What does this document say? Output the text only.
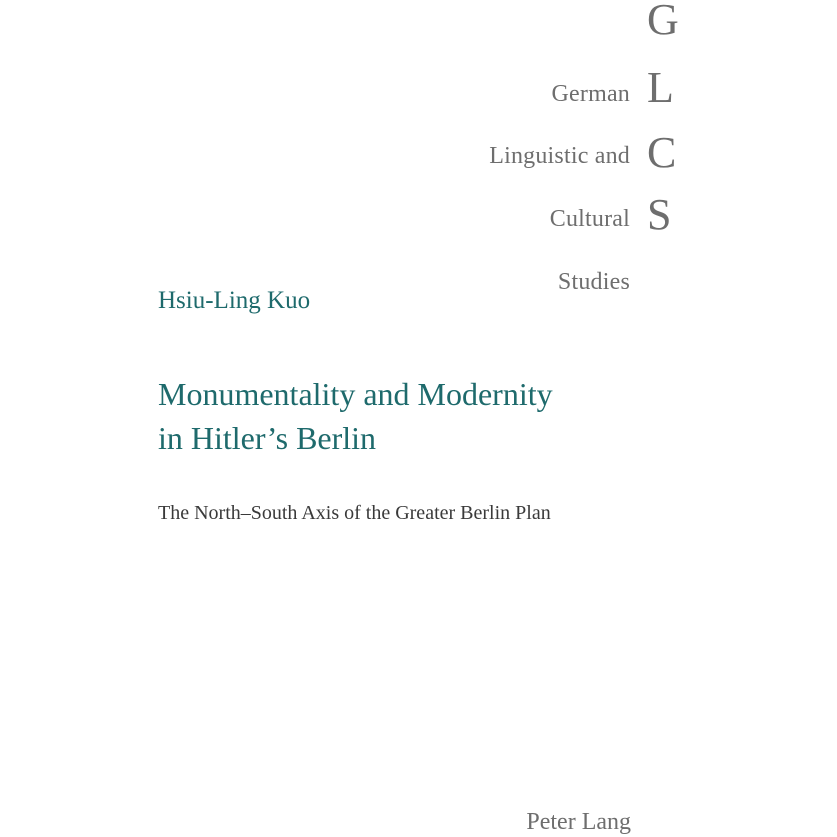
German
Linguistic and
Cultural
Studies
G
L
C
S
Hsiu-Ling Kuo
Monumentality and Modernity
in Hitler’s Berlin
The North–South Axis of the Greater Berlin Plan
Peter Lang
